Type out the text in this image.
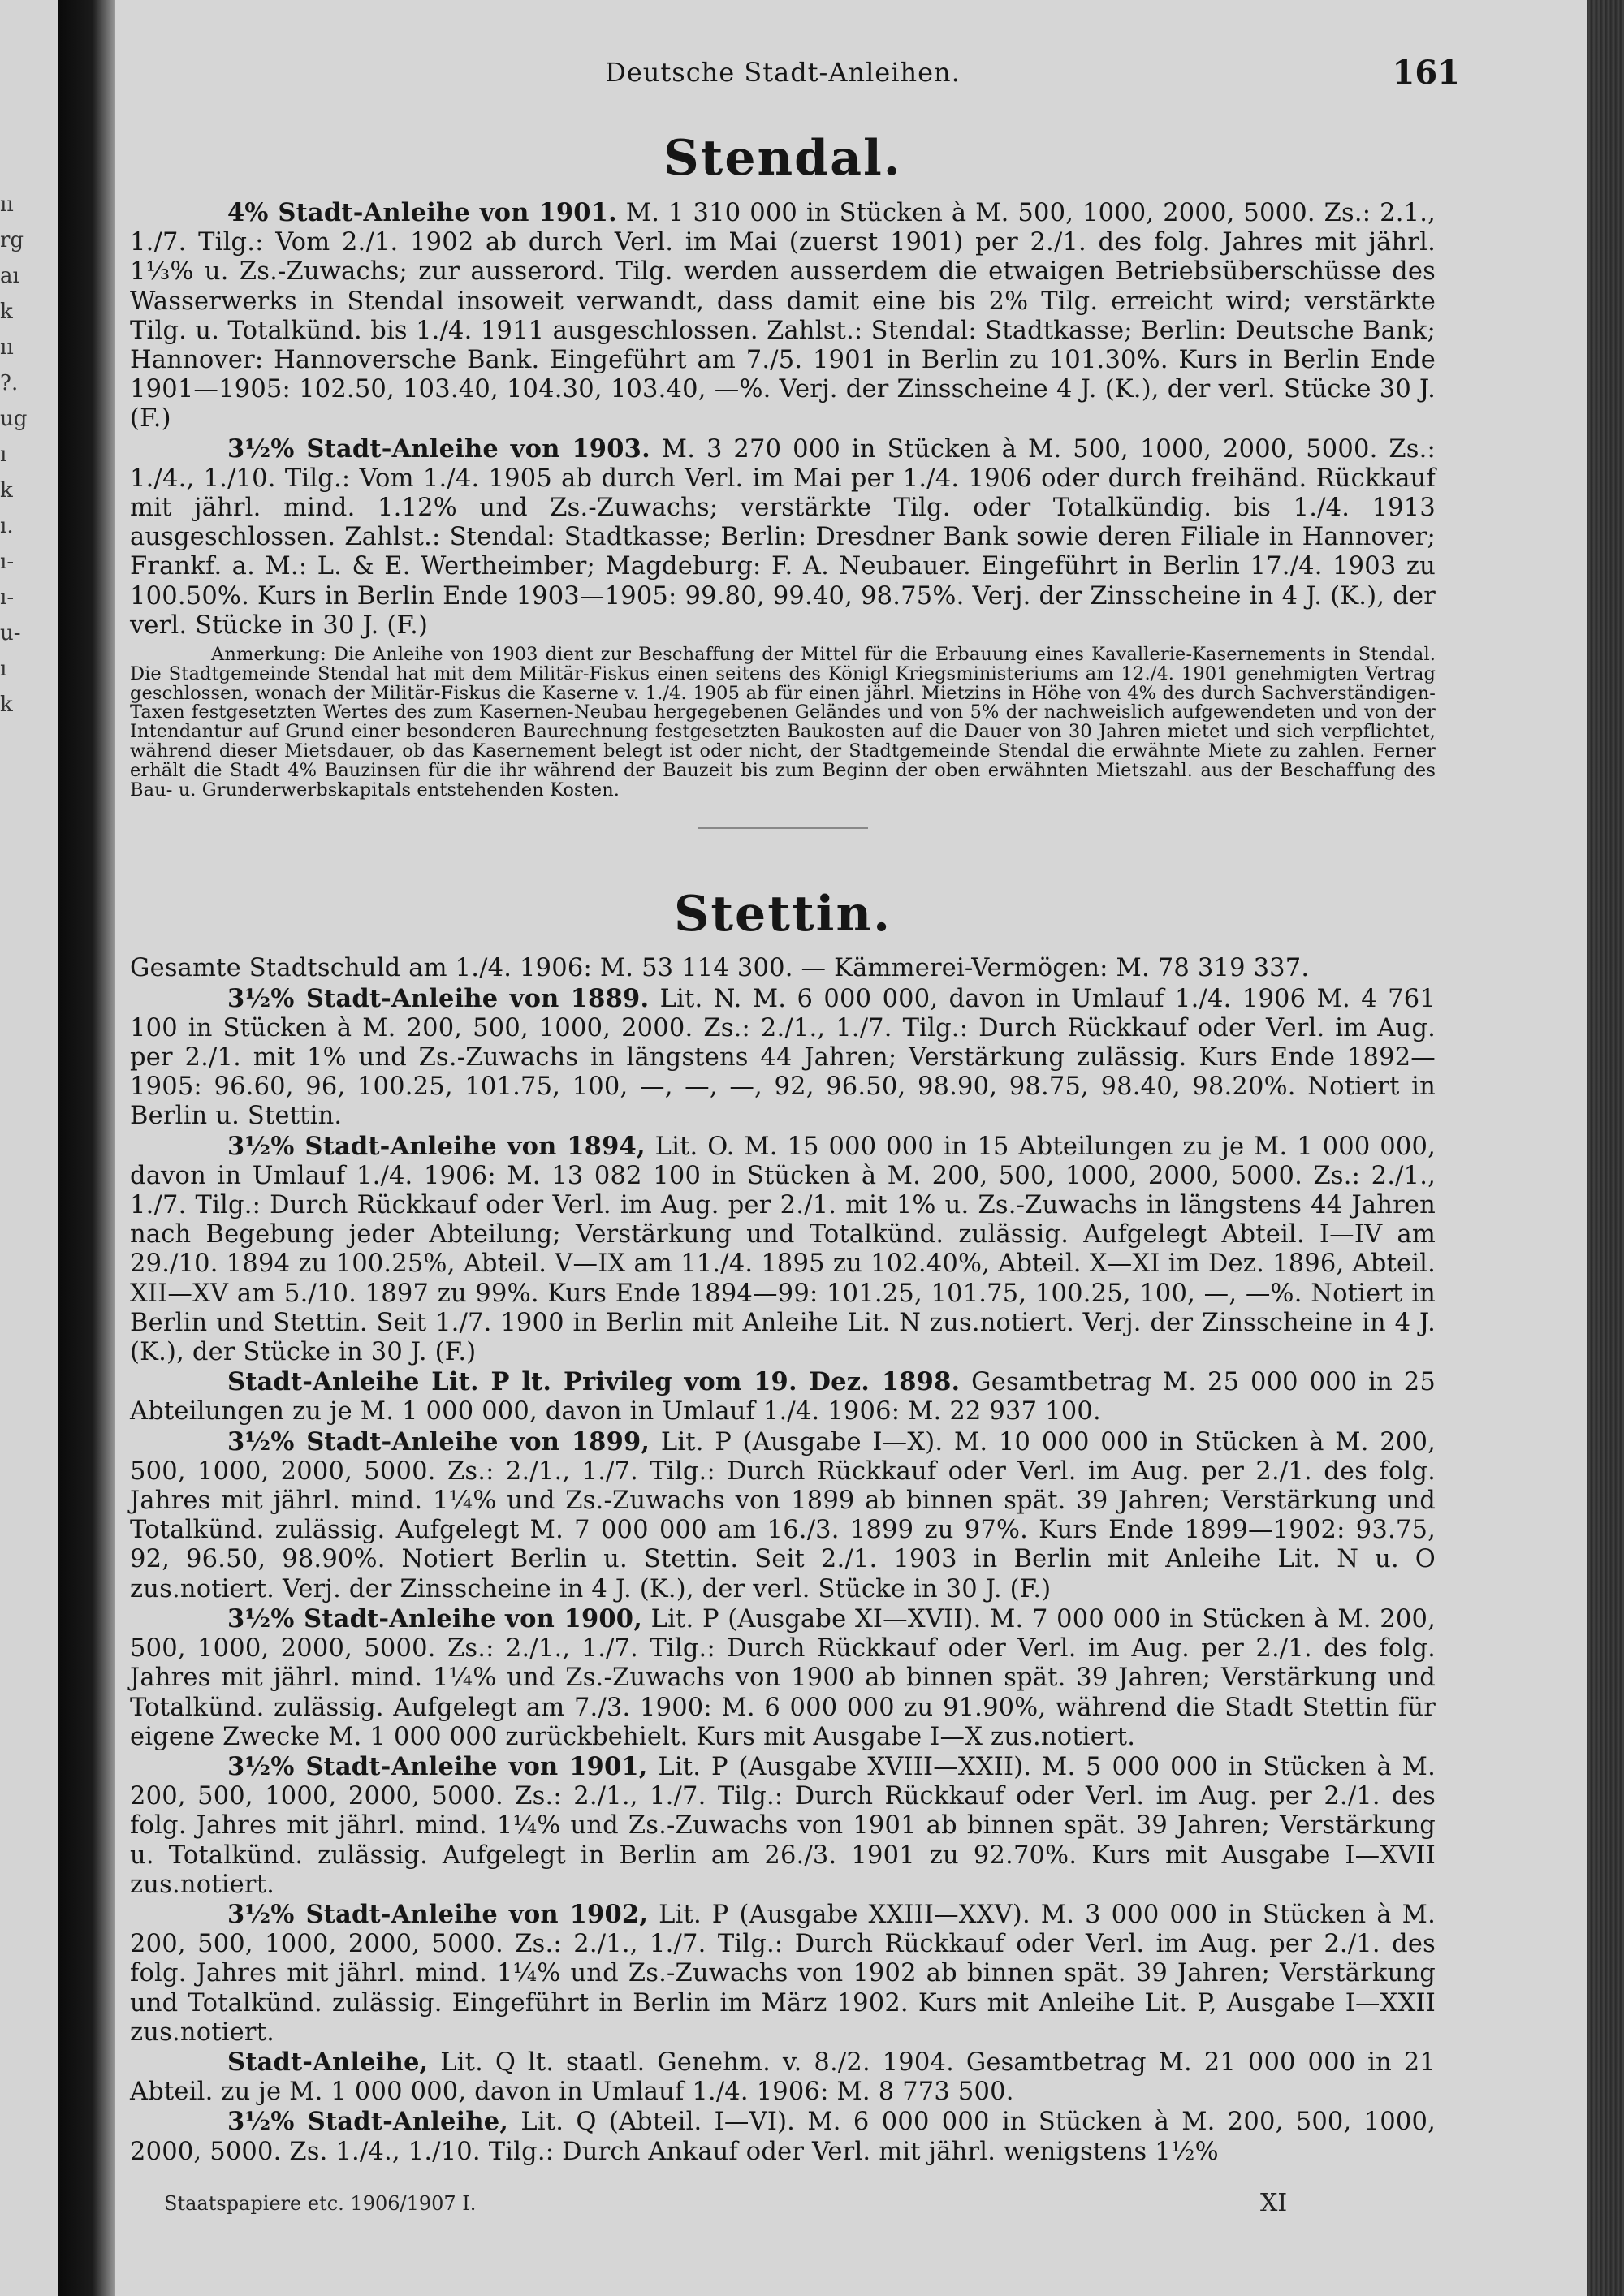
ıı rg aı k ıı ?. ug ı k ı. ı- ı- u- ı k
Deutsche Stadt-Anleihen.	161
Stendal.

4% Stadt-Anleihe von 1901. M. 1 310 000 in Stücken à M. 500, 1000, 2000, 5000. Zs.: 2.1., 1./7. Tilg.: Vom 2./1. 1902 ab durch Verl. im Mai (zuerst 1901) per 2./1. des folg. Jahres mit jährl. 1⅓% u. Zs.-Zuwachs; zur ausserord. Tilg. werden ausserdem die etwaigen Betriebsüberschüsse des Wasserwerks in Stendal insoweit verwandt, dass damit eine bis 2% Tilg. erreicht wird; verstärkte Tilg. u. Totalkünd. bis 1./4. 1911 ausgeschlossen. Zahlst.: Stendal: Stadtkasse; Berlin: Deutsche Bank; Hannover: Hannoversche Bank. Eingeführt am 7./5. 1901 in Berlin zu 101.30%. Kurs in Berlin Ende 1901—1905: 102.50, 103.40, 104.30, 103.40, —%. Verj. der Zinsscheine 4 J. (K.), der verl. Stücke 30 J. (F.)

3½% Stadt-Anleihe von 1903. M. 3 270 000 in Stücken à M. 500, 1000, 2000, 5000. Zs.: 1./4., 1./10. Tilg.: Vom 1./4. 1905 ab durch Verl. im Mai per 1./4. 1906 oder durch freihänd. Rückkauf mit jährl. mind. 1.12% und Zs.-Zuwachs; verstärkte Tilg. oder Totalkündig. bis 1./4. 1913 ausgeschlossen. Zahlst.: Stendal: Stadtkasse; Berlin: Dresdner Bank sowie deren Filiale in Hannover; Frankf. a. M.: L. & E. Wertheimber; Magdeburg: F. A. Neubauer. Eingeführt in Berlin 17./4. 1903 zu 100.50%. Kurs in Berlin Ende 1903—1905: 99.80, 99.40, 98.75%. Verj. der Zinsscheine in 4 J. (K.), der verl. Stücke in 30 J. (F.)

Anmerkung: Die Anleihe von 1903 dient zur Beschaffung der Mittel für die Erbauung eines Kavallerie-Kasernements in Stendal. Die Stadtgemeinde Stendal hat mit dem Militär-Fiskus einen seitens des Königl Kriegsministeriums am 12./4. 1901 genehmigten Vertrag geschlossen, wonach der Militär-Fiskus die Kaserne v. 1./4. 1905 ab für einen jährl. Mietzins in Höhe von 4% des durch Sachverständigen-Taxen festgesetzten Wertes des zum Kasernen-Neubau hergegebenen Geländes und von 5% der nachweislich aufgewendeten und von der Intendantur auf Grund einer besonderen Baurechnung festgesetzten Baukosten auf die Dauer von 30 Jahren mietet und sich verpflichtet, während dieser Mietsdauer, ob das Kasernement belegt ist oder nicht, der Stadtgemeinde Stendal die erwähnte Miete zu zahlen. Ferner erhält die Stadt 4% Bauzinsen für die ihr während der Bauzeit bis zum Beginn der oben erwähnten Mietszahl. aus der Beschaffung des Bau- u. Grunderwerbskapitals entstehenden Kosten.

Stettin.

Gesamte Stadtschuld am 1./4. 1906: M. 53 114 300. — Kämmerei-Vermögen: M. 78 319 337.

3½% Stadt-Anleihe von 1889. Lit. N. M. 6 000 000, davon in Umlauf 1./4. 1906 M. 4 761 100 in Stücken à M. 200, 500, 1000, 2000. Zs.: 2./1., 1./7. Tilg.: Durch Rückkauf oder Verl. im Aug. per 2./1. mit 1% und Zs.-Zuwachs in längstens 44 Jahren; Verstärkung zulässig. Kurs Ende 1892—1905: 96.60, 96, 100.25, 101.75, 100, —, —, —, 92, 96.50, 98.90, 98.75, 98.40, 98.20%. Notiert in Berlin u. Stettin.

3½% Stadt-Anleihe von 1894, Lit. O. M. 15 000 000 in 15 Abteilungen zu je M. 1 000 000, davon in Umlauf 1./4. 1906: M. 13 082 100 in Stücken à M. 200, 500, 1000, 2000, 5000. Zs.: 2./1., 1./7. Tilg.: Durch Rückkauf oder Verl. im Aug. per 2./1. mit 1% u. Zs.-Zuwachs in längstens 44 Jahren nach Begebung jeder Abteilung; Verstärkung und Totalkünd. zulässig. Aufgelegt Abteil. I—IV am 29./10. 1894 zu 100.25%, Abteil. V—IX am 11./4. 1895 zu 102.40%, Abteil. X—XI im Dez. 1896, Abteil. XII—XV am 5./10. 1897 zu 99%. Kurs Ende 1894—99: 101.25, 101.75, 100.25, 100, —, —%. Notiert in Berlin und Stettin. Seit 1./7. 1900 in Berlin mit Anleihe Lit. N zus.notiert. Verj. der Zinsscheine in 4 J. (K.), der Stücke in 30 J. (F.)

Stadt-Anleihe Lit. P lt. Privileg vom 19. Dez. 1898. Gesamtbetrag M. 25 000 000 in 25 Abteilungen zu je M. 1 000 000, davon in Umlauf 1./4. 1906: M. 22 937 100.

3½% Stadt-Anleihe von 1899, Lit. P (Ausgabe I—X). M. 10 000 000 in Stücken à M. 200, 500, 1000, 2000, 5000. Zs.: 2./1., 1./7. Tilg.: Durch Rückkauf oder Verl. im Aug. per 2./1. des folg. Jahres mit jährl. mind. 1¼% und Zs.-Zuwachs von 1899 ab binnen spät. 39 Jahren; Verstärkung und Totalkünd. zulässig. Aufgelegt M. 7 000 000 am 16./3. 1899 zu 97%. Kurs Ende 1899—1902: 93.75, 92, 96.50, 98.90%. Notiert Berlin u. Stettin. Seit 2./1. 1903 in Berlin mit Anleihe Lit. N u. O zus.notiert. Verj. der Zinsscheine in 4 J. (K.), der verl. Stücke in 30 J. (F.)

3½% Stadt-Anleihe von 1900, Lit. P (Ausgabe XI—XVII). M. 7 000 000 in Stücken à M. 200, 500, 1000, 2000, 5000. Zs.: 2./1., 1./7. Tilg.: Durch Rückkauf oder Verl. im Aug. per 2./1. des folg. Jahres mit jährl. mind. 1¼% und Zs.-Zuwachs von 1900 ab binnen spät. 39 Jahren; Verstärkung und Totalkünd. zulässig. Aufgelegt am 7./3. 1900: M. 6 000 000 zu 91.90%, während die Stadt Stettin für eigene Zwecke M. 1 000 000 zurückbehielt. Kurs mit Ausgabe I—X zus.notiert.

3½% Stadt-Anleihe von 1901, Lit. P (Ausgabe XVIII—XXII). M. 5 000 000 in Stücken à M. 200, 500, 1000, 2000, 5000. Zs.: 2./1., 1./7. Tilg.: Durch Rückkauf oder Verl. im Aug. per 2./1. des folg. Jahres mit jährl. mind. 1¼% und Zs.-Zuwachs von 1901 ab binnen spät. 39 Jahren; Verstärkung u. Totalkünd. zulässig. Aufgelegt in Berlin am 26./3. 1901 zu 92.70%. Kurs mit Ausgabe I—XVII zus.notiert.

3½% Stadt-Anleihe von 1902, Lit. P (Ausgabe XXIII—XXV). M. 3 000 000 in Stücken à M. 200, 500, 1000, 2000, 5000. Zs.: 2./1., 1./7. Tilg.: Durch Rückkauf oder Verl. im Aug. per 2./1. des folg. Jahres mit jährl. mind. 1¼% und Zs.-Zuwachs von 1902 ab binnen spät. 39 Jahren; Verstärkung und Totalkünd. zulässig. Eingeführt in Berlin im März 1902. Kurs mit Anleihe Lit. P, Ausgabe I—XXII zus.notiert.

Stadt-Anleihe, Lit. Q lt. staatl. Genehm. v. 8./2. 1904. Gesamtbetrag M. 21 000 000 in 21 Abteil. zu je M. 1 000 000, davon in Umlauf 1./4. 1906: M. 8 773 500.

3½% Stadt-Anleihe, Lit. Q (Abteil. I—VI). M. 6 000 000 in Stücken à M. 200, 500, 1000, 2000, 5000. Zs. 1./4., 1./10. Tilg.: Durch Ankauf oder Verl. mit jährl. wenigstens 1½%

Staatspapiere etc. 1906/1907 I.	XI
